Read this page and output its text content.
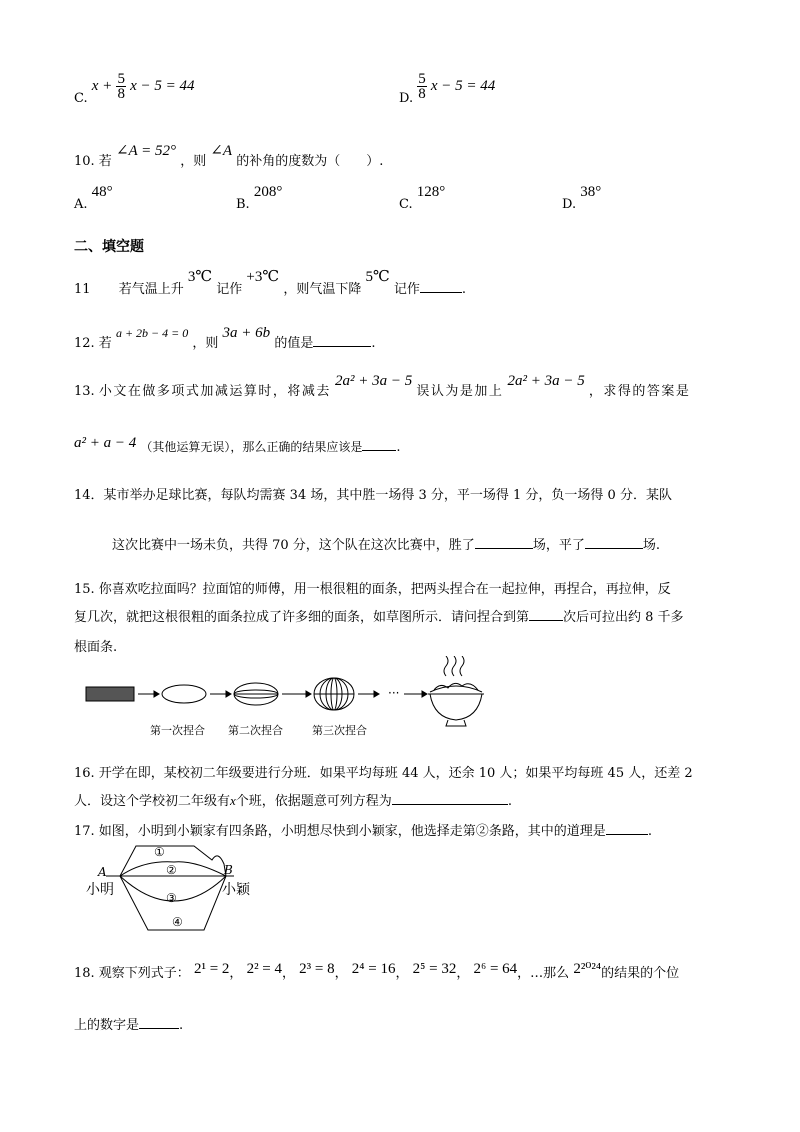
C. $x + \frac{5}{8}$ x − 5 = 44
D. $\frac{5}{8}$ x − 5 = 44
10. 若 ∠A = 52° ，则 ∠A 的补角的度数为（　　）.
A. 48°
B. 208°
C. 128°
D. 38°
二、填空题
11 若气温上升 3℃ 记作 +3℃ ，则气温下降 5℃ 记作	.
12. 若 a + 2b − 4 = 0 ，则 3a + 6b 的值是	.
13. 小文在做多项式加减运算时，将减去 2a² + 3a − 5 误认为是加上 2a² + 3a − 5 ，求得的答案是
a² + a − 4 （其他运算无误），那么正确的结果应该是	.
14．某市举办足球比赛，每队均需赛 34 场，其中胜一场得 3 分，平一场得 1 分，负一场得 0 分．某队
这次比赛中一场未负，共得 70 分，这个队在这次比赛中，胜了	场，平了	场.
15. 你喜欢吃拉面吗？拉面馆的师傅，用一根很粗的面条，把两头捏合在一起拉伸，再捏合，再拉伸，反
复几次，就把这根很粗的面条拉成了许多细的面条，如草图所示．请问捏合到第	次后可拉出约 8 千多
根面条.
···
第一次捏合 第二次捏合	第三次捏合
16. 开学在即，某校初二年级要进行分班．如果平均每班 44 人，还余 10 人；如果平均每班 45 人，还差 2
人．设这个学校初二年级有x个班，依据题意可列方程为	.
17. 如图，小明到小颖家有四条路，小明想尽快到小颖家，他选择走第②条路，其中的道理是	.
①
②
③
④
A	B
小明	小颖
18. 观察下列式子： 2¹ = 2， 2² = 4， 2³ = 8， 2⁴ = 16， 2⁵ = 32， 2⁶ = 64，…那么 2²⁰²⁴的结果的个位
上的数字是	.
